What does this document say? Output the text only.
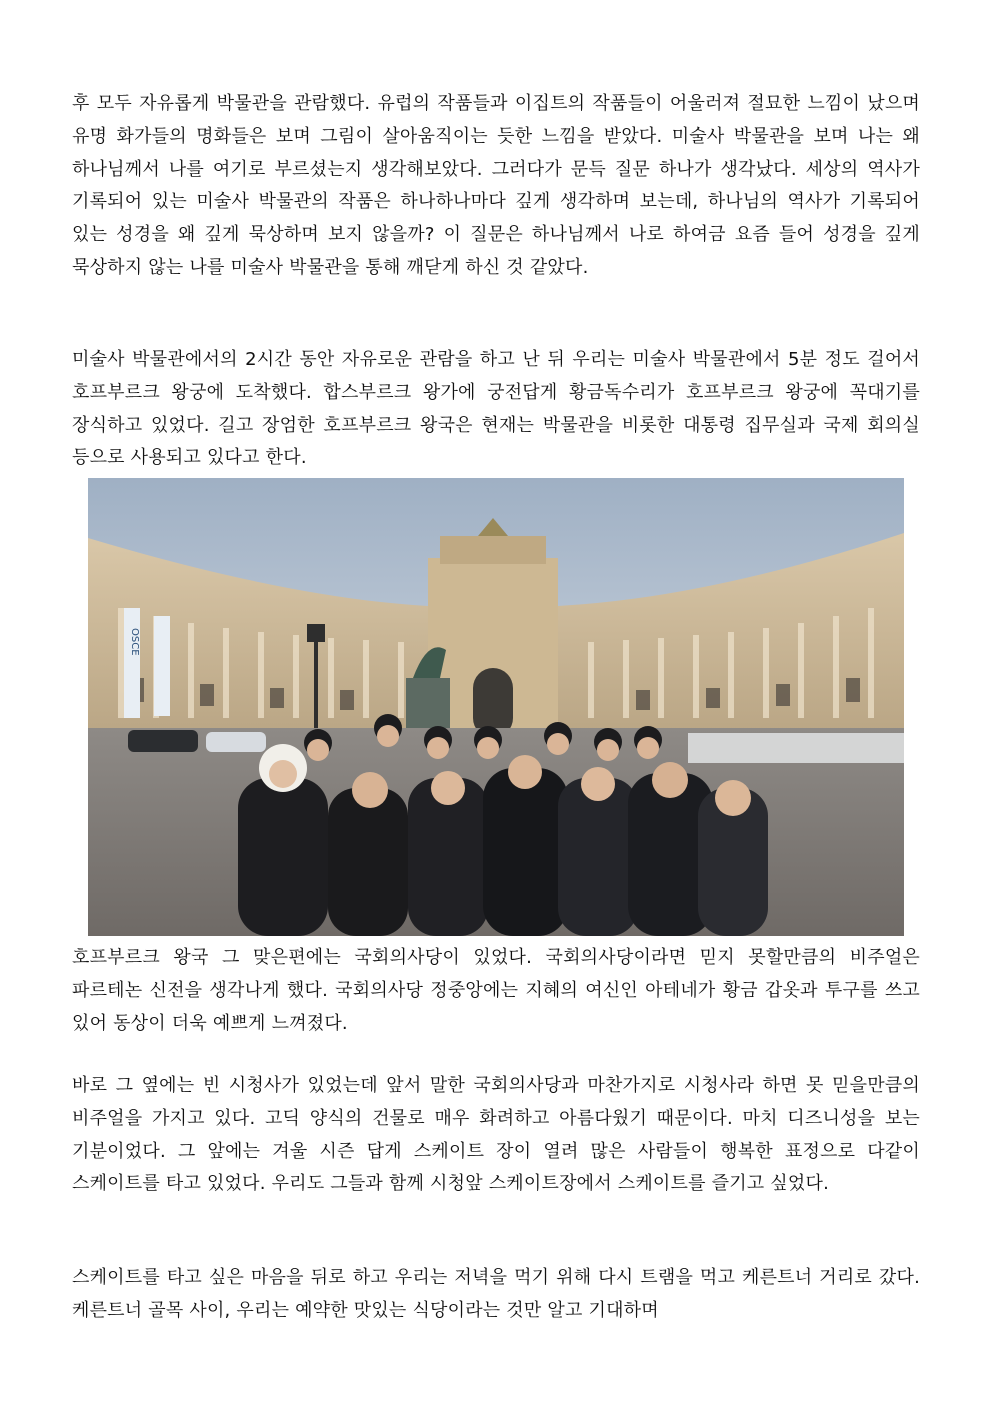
후 모두 자유롭게 박물관을 관람했다. 유럽의 작품들과 이집트의 작품들이 어울러져 절묘한 느낌이 났으며 유명 화가들의 명화들은 보며 그림이 살아움직이는 듯한 느낌을 받았다. 미술사 박물관을 보며 나는 왜 하나님께서 나를 여기로 부르셨는지 생각해보았다. 그러다가 문득 질문 하나가 생각났다. 세상의 역사가 기록되어 있는 미술사 박물관의 작품은 하나하나마다 깊게 생각하며 보는데, 하나님의 역사가 기록되어 있는 성경을 왜 깊게 묵상하며 보지 않을까? 이 질문은 하나님께서 나로 하여금 요즘 들어 성경을 깊게 묵상하지 않는 나를 미술사 박물관을 통해 깨닫게 하신 것 같았다.

미술사 박물관에서의 2시간 동안 자유로운 관람을 하고 난 뒤 우리는 미술사 박물관에서 5분 정도 걸어서 호프부르크 왕궁에 도착했다. 합스부르크 왕가에 궁전답게 황금독수리가 호프부르크 왕궁에 꼭대기를 장식하고 있었다. 길고 장엄한 호프부르크 왕국은 현재는 박물관을 비롯한 대통령 집무실과 국제 회의실 등으로 사용되고 있다고 한다.

OSCE

호프부르크 왕국 그 맞은편에는 국회의사당이 있었다. 국회의사당이라면 믿지 못할만큼의 비주얼은 파르테논 신전을 생각나게 했다. 국회의사당 정중앙에는 지혜의 여신인 아테네가 황금 갑옷과 투구를 쓰고 있어 동상이 더욱 예쁘게 느껴졌다.

바로 그 옆에는 빈 시청사가 있었는데 앞서 말한 국회의사당과 마찬가지로 시청사라 하면 못 믿을만큼의 비주얼을 가지고 있다. 고딕 양식의 건물로 매우 화려하고 아름다웠기 때문이다. 마치 디즈니성을 보는 기분이었다. 그 앞에는 겨울 시즌 답게 스케이트 장이 열려 많은 사람들이 행복한 표정으로 다같이 스케이트를 타고 있었다. 우리도 그들과 함께 시청앞 스케이트장에서 스케이트를 즐기고 싶었다.

스케이트를 타고 싶은 마음을 뒤로 하고 우리는 저녁을 먹기 위해 다시 트램을 먹고 케른트너 거리로 갔다. 케른트너 골목 사이, 우리는 예약한 맛있는 식당이라는 것만 알고 기대하며
